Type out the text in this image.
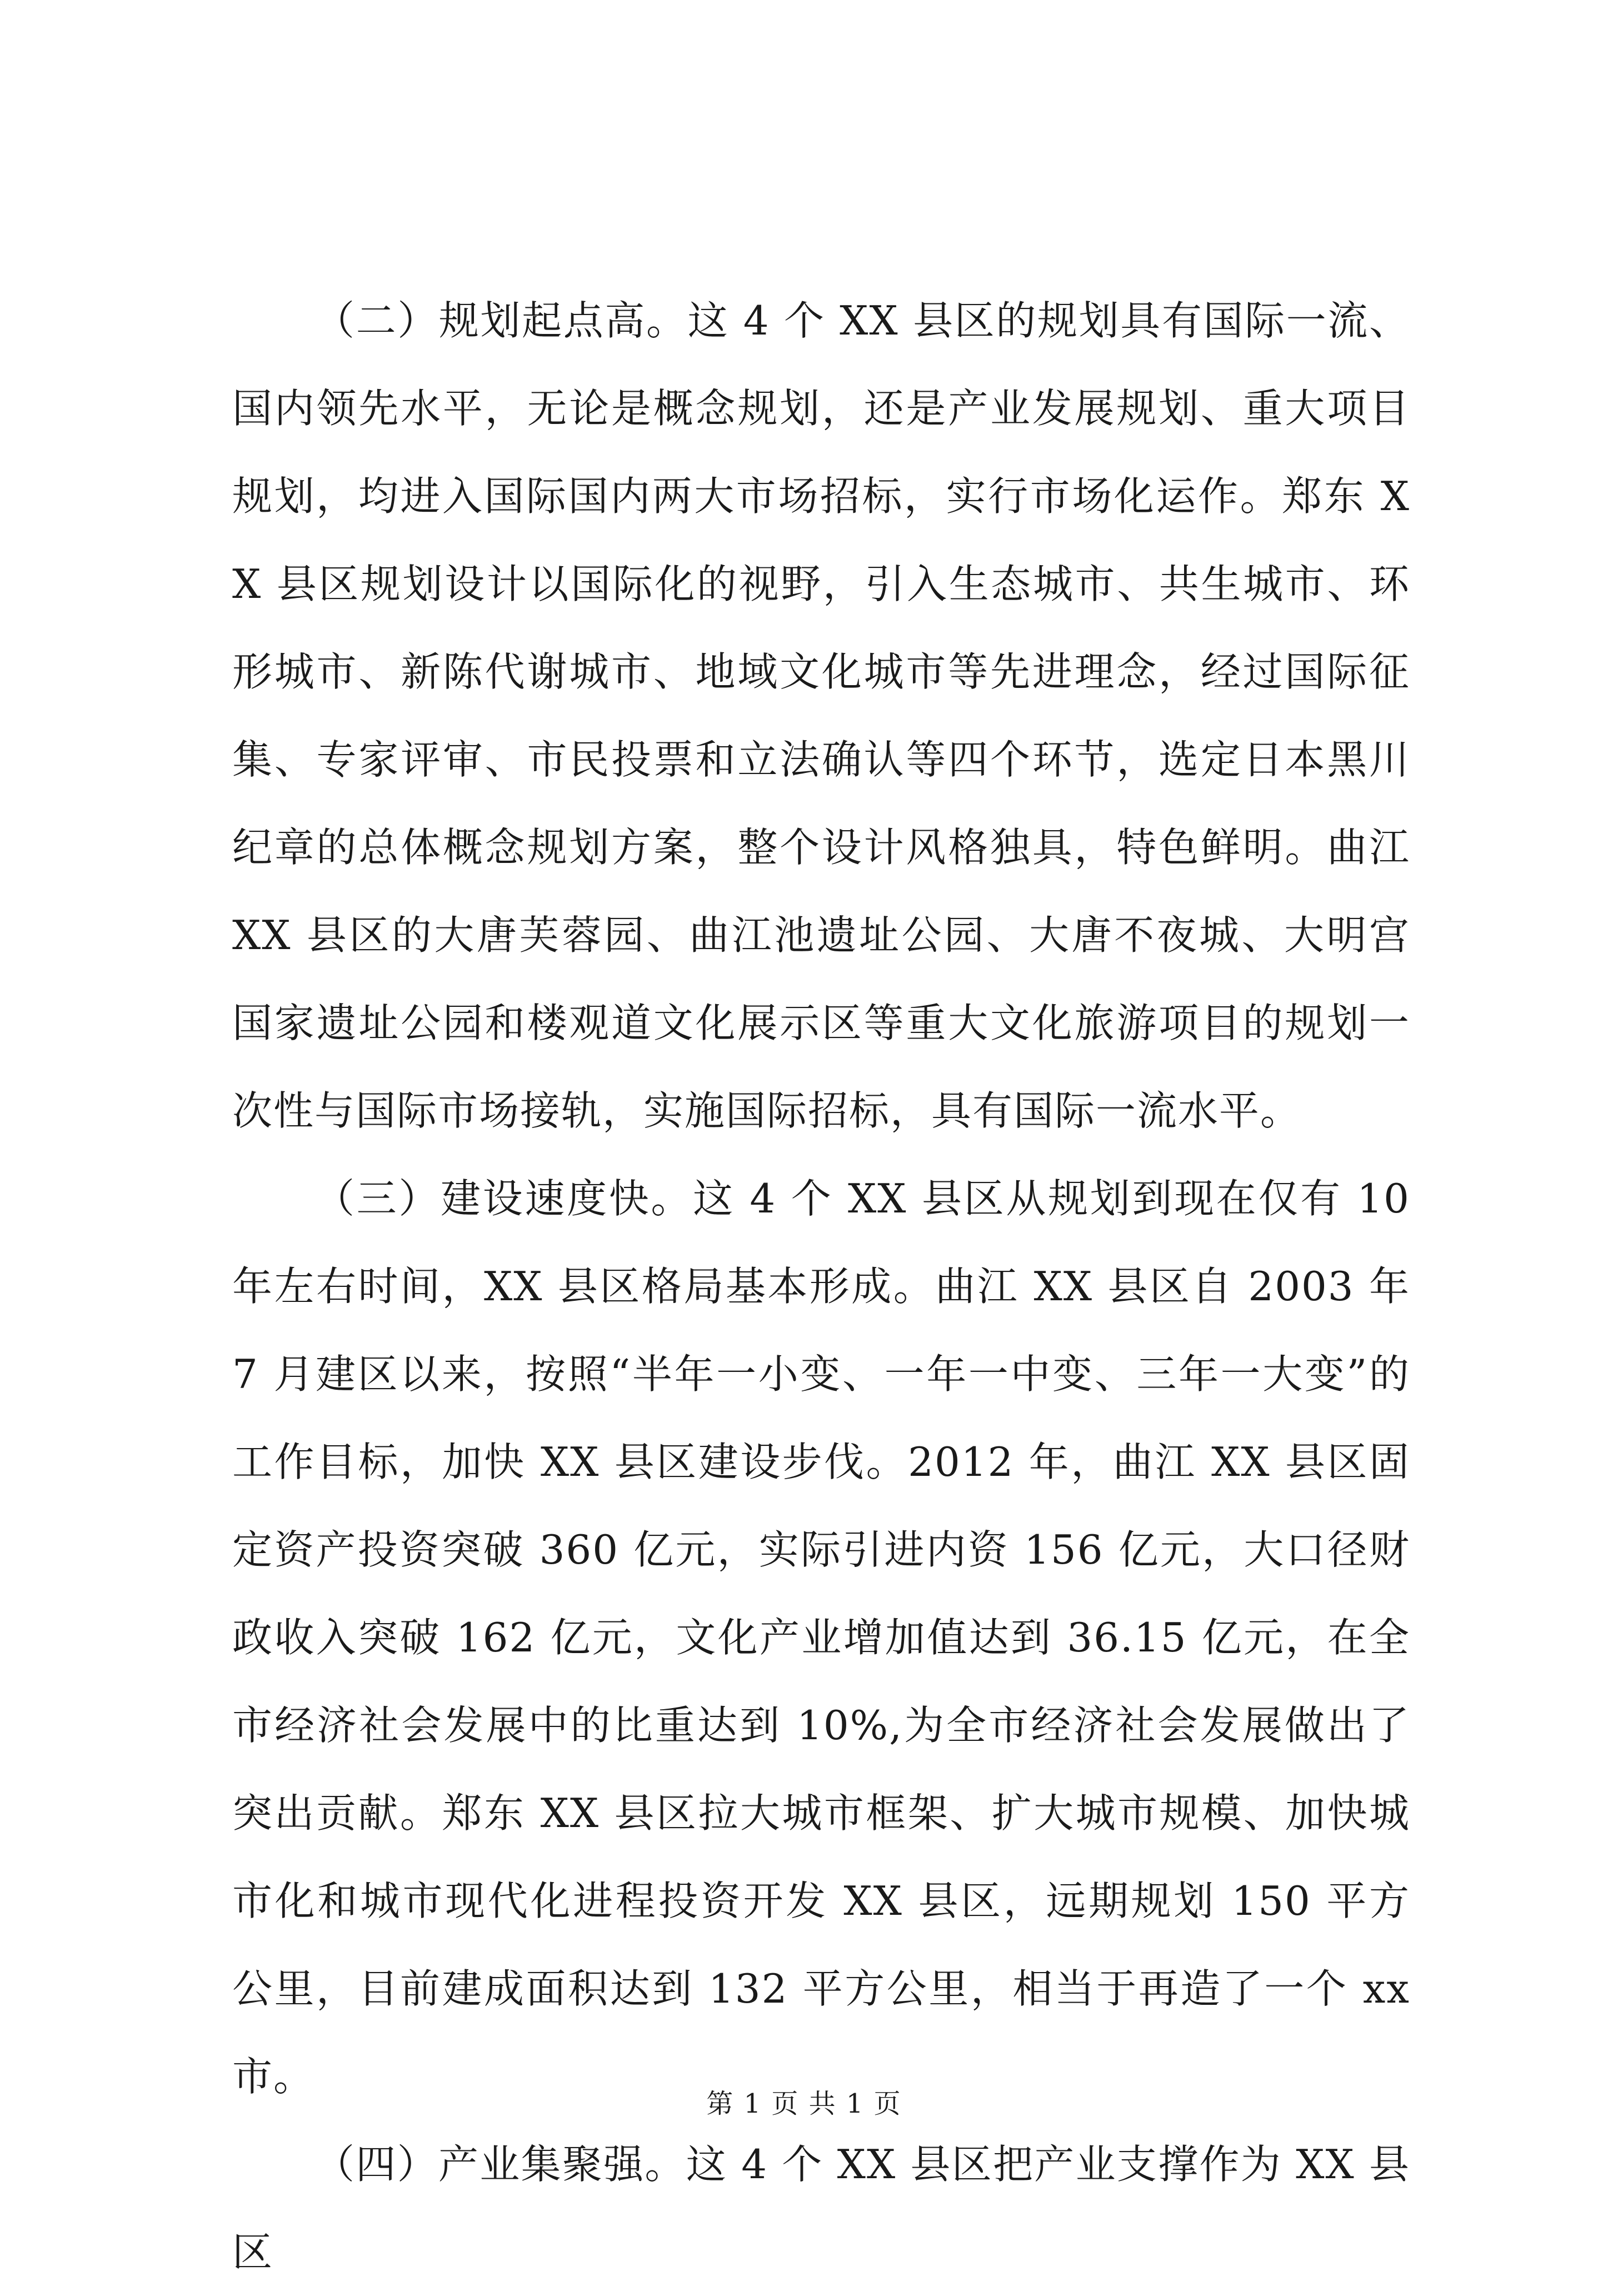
（二）规划起点高。这 4 个 XX 县区的规划具有国际一流、国内领先水平，无论是概念规划，还是产业发展规划、重大项目规划，均进入国际国内两大市场招标，实行市场化运作。郑东 XX 县区规划设计以国际化的视野，引入生态城市、共生城市、环形城市、新陈代谢城市、地域文化城市等先进理念，经过国际征集、专家评审、市民投票和立法确认等四个环节，选定日本黑川纪章的总体概念规划方案，整个设计风格独具，特色鲜明。曲江 XX 县区的大唐芙蓉园、曲江池遗址公园、大唐不夜城、大明宫国家遗址公园和楼观道文化展示区等重大文化旅游项目的规划一次性与国际市场接轨，实施国际招标，具有国际一流水平。

（三）建设速度快。这 4 个 XX 县区从规划到现在仅有 10 年左右时间，XX 县区格局基本形成。曲江 XX 县区自 2003 年 7 月建区以来，按照“半年一小变、一年一中变、三年一大变”的工作目标，加快 XX 县区建设步伐。2012 年，曲江 XX 县区固定资产投资突破 360 亿元，实际引进内资 156 亿元，大口径财政收入突破 162 亿元，文化产业增加值达到 36.15 亿元，在全市经济社会发展中的比重达到 10%,为全市经济社会发展做出了突出贡献。郑东 XX 县区拉大城市框架、扩大城市规模、加快城市化和城市现代化进程投资开发 XX 县区，远期规划 150 平方公里，目前建成面积达到 132 平方公里，相当于再造了一个 xx 市。

（四）产业集聚强。这 4 个 XX 县区把产业支撑作为 XX 县区

第 1 页 共 1 页
